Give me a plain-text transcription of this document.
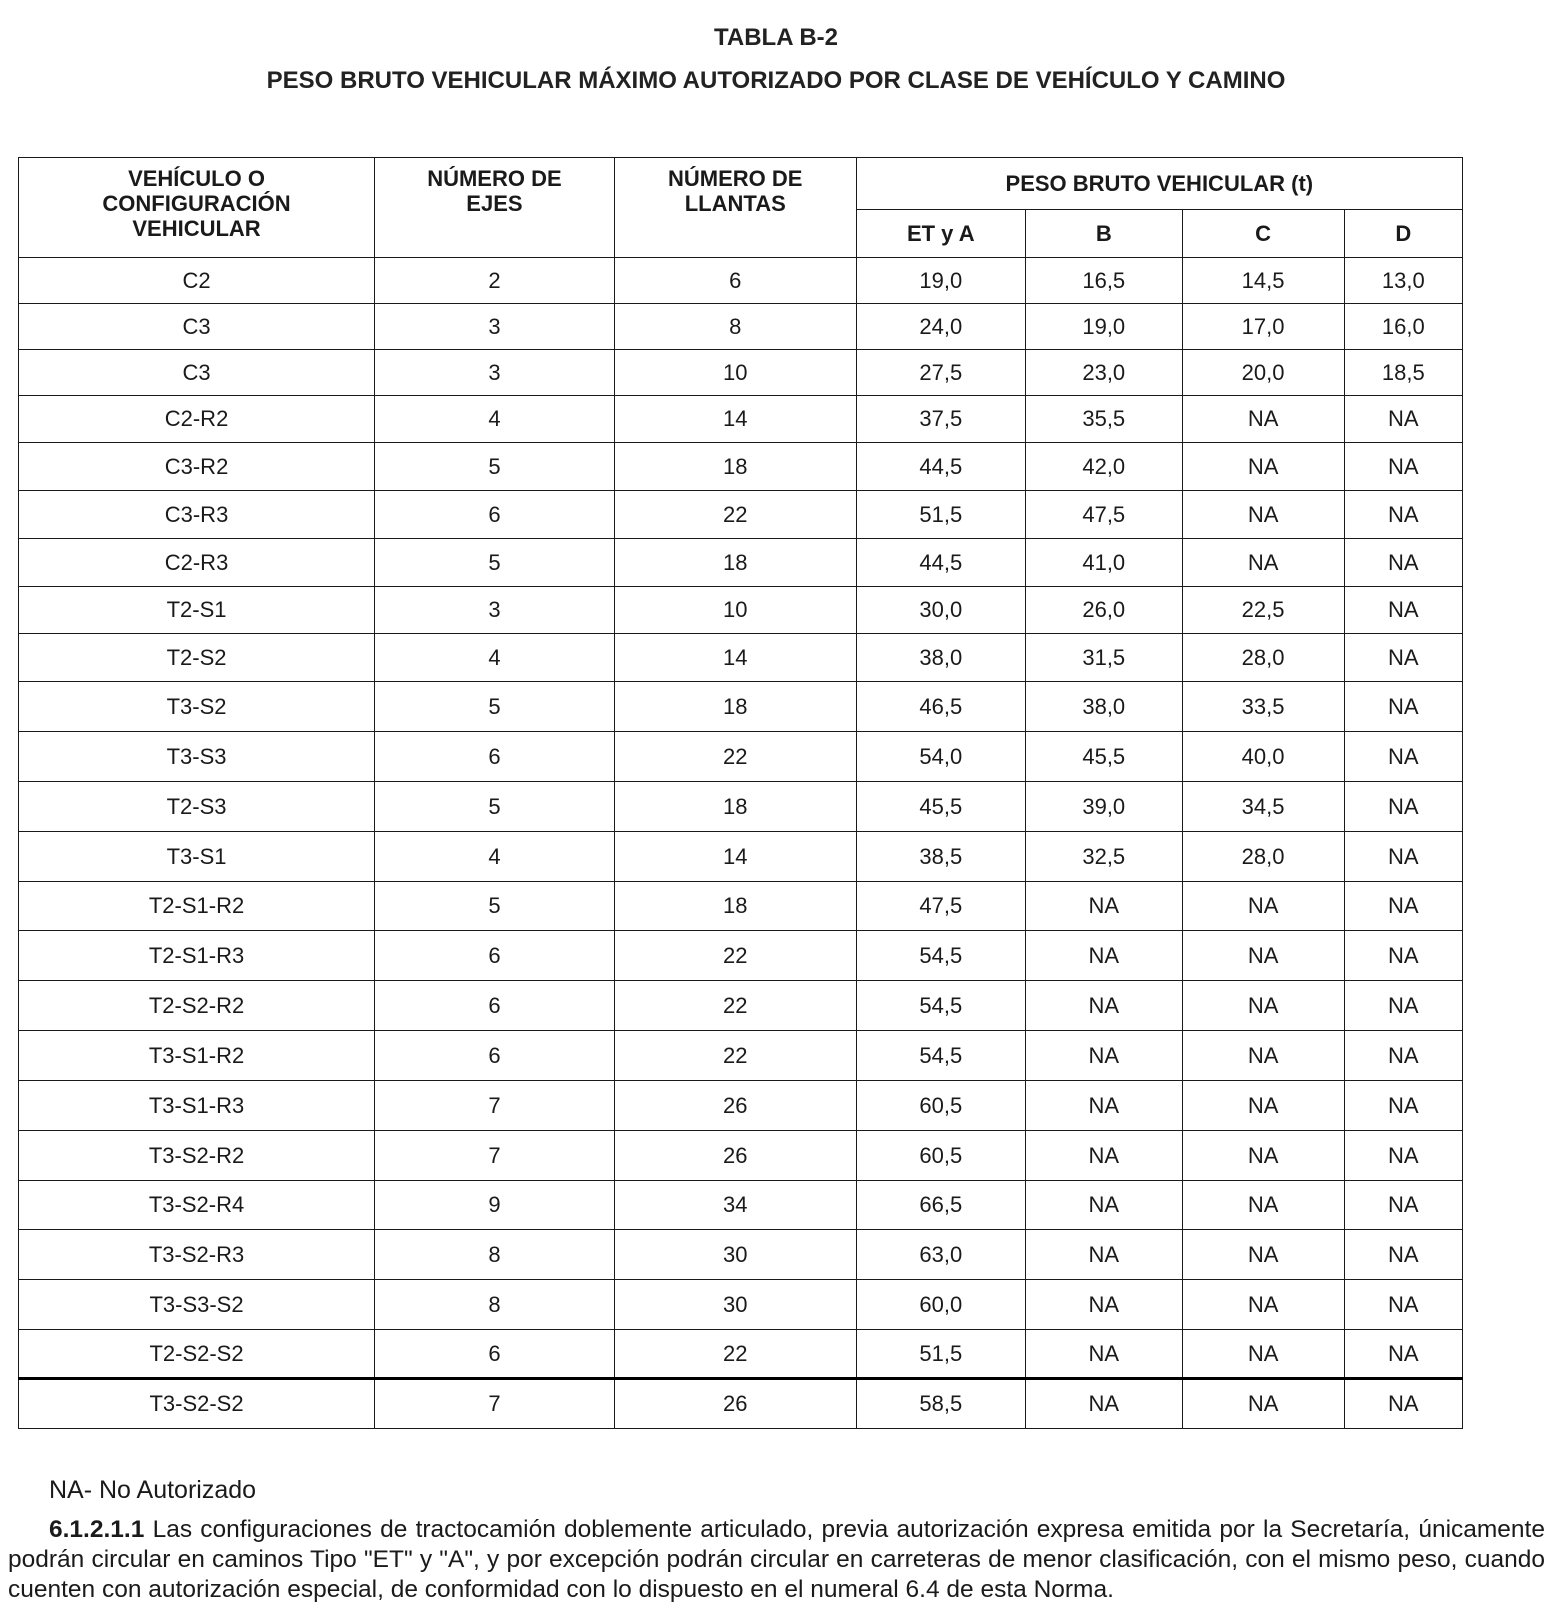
TABLA B-2
PESO BRUTO VEHICULAR MÁXIMO AUTORIZADO POR CLASE DE VEHÍCULO Y CAMINO
VEHÍCULO O CONFIGURACIÓN VEHICULAR	NÚMERO DE EJES	NÚMERO DE LLANTAS	PESO BRUTO VEHICULAR (t)			
			ET y A	B	C	D
C2	2	6	19,0	16,5	14,5	13,0
C3	3	8	24,0	19,0	17,0	16,0
C3	3	10	27,5	23,0	20,0	18,5
C2-R2	4	14	37,5	35,5	NA	NA
C3-R2	5	18	44,5	42,0	NA	NA
C3-R3	6	22	51,5	47,5	NA	NA
C2-R3	5	18	44,5	41,0	NA	NA
T2-S1	3	10	30,0	26,0	22,5	NA
T2-S2	4	14	38,0	31,5	28,0	NA
T3-S2	5	18	46,5	38,0	33,5	NA
T3-S3	6	22	54,0	45,5	40,0	NA
T2-S3	5	18	45,5	39,0	34,5	NA
T3-S1	4	14	38,5	32,5	28,0	NA
T2-S1-R2	5	18	47,5	NA	NA	NA
T2-S1-R3	6	22	54,5	NA	NA	NA
T2-S2-R2	6	22	54,5	NA	NA	NA
T3-S1-R2	6	22	54,5	NA	NA	NA
T3-S1-R3	7	26	60,5	NA	NA	NA
T3-S2-R2	7	26	60,5	NA	NA	NA
T3-S2-R4	9	34	66,5	NA	NA	NA
T3-S2-R3	8	30	63,0	NA	NA	NA
T3-S3-S2	8	30	60,0	NA	NA	NA
T2-S2-S2	6	22	51,5	NA	NA	NA
T3-S2-S2	7	26	58,5	NA	NA	NA
NA- No Autorizado
6.1.2.1.1 Las configuraciones de tractocamión doblemente articulado, previa autorización expresa emitida por la Secretaría, únicamente podrán circular en caminos Tipo "ET" y "A", y por excepción podrán circular en carreteras de menor clasificación, con el mismo peso, cuando cuenten con autorización especial, de conformidad con lo dispuesto en el numeral 6.4 de esta Norma.
